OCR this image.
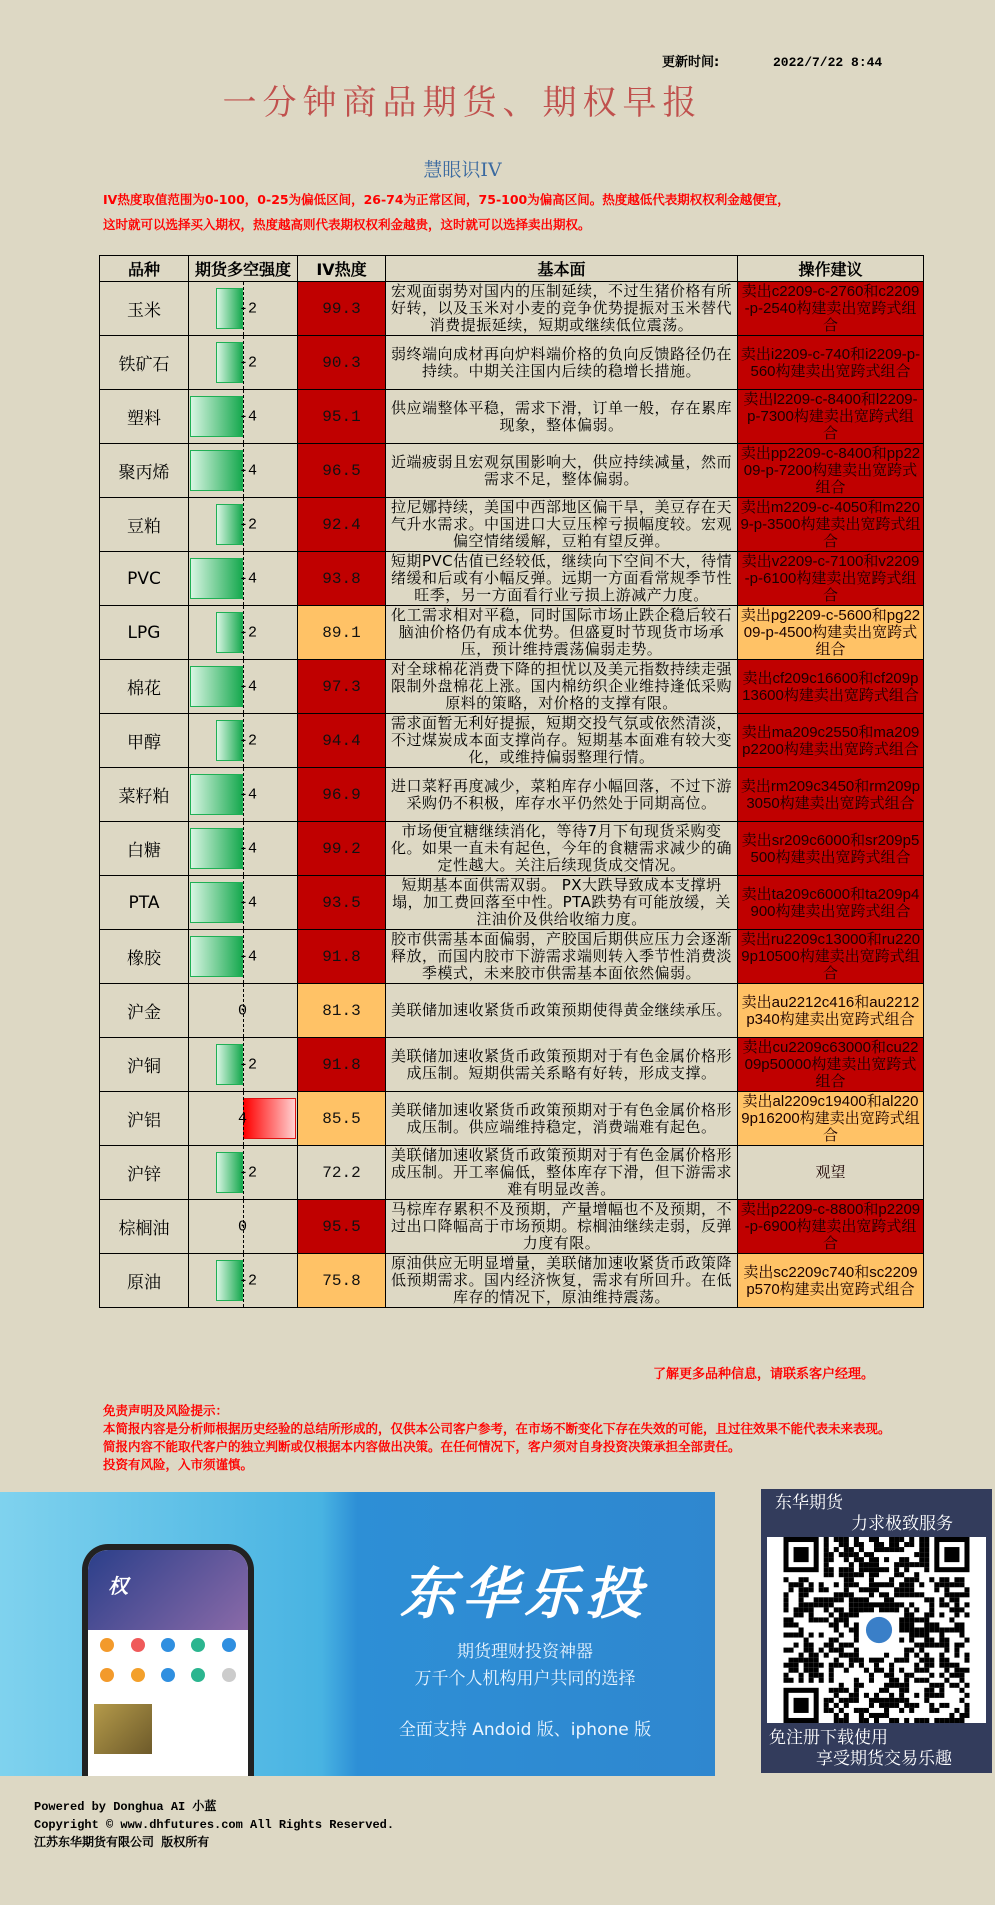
更新时间:	2022/7/22 8:44
一分钟商品期货、期权早报
慧眼识IV
IV热度取值范围为0-100，0-25为偏低区间，26-74为正常区间，75-100为偏高区间。热度越低代表期权权利金越便宜，
这时就可以选择买入期权，热度越高则代表期权权利金越贵，这时就可以选择卖出期权。
品种	期货多空强度	IV热度	基本面	操作建议
玉米	-2	99.3	宏观面弱势对国内的压制延续，不过生猪价格有所好转，以及玉米对小麦的竞争优势提振对玉米替代消费提振延续，短期或继续低位震荡。	卖出c2209-c-2760和c2209-p-2540构建卖出宽跨式组合
铁矿石	-2	90.3	弱终端向成材再向炉料端价格的负向反馈路径仍在持续。中期关注国内后续的稳增长措施。	卖出i2209-c-740和i2209-p-560构建卖出宽跨式组合
塑料	-4	95.1	供应端整体平稳，需求下滑，订单一般，存在累库现象，整体偏弱。	卖出l2209-c-8400和l2209-p-7300构建卖出宽跨式组合
聚丙烯	-4	96.5	近端疲弱且宏观氛围影响大，供应持续减量，然而需求不足，整体偏弱。	卖出pp2209-c-8400和pp2209-p-7200构建卖出宽跨式组合
豆粕	-2	92.4	拉尼娜持续，美国中西部地区偏干旱，美豆存在天气升水需求。中国进口大豆压榨亏损幅度较。宏观偏空情绪缓解，豆粕有望反弹。	卖出m2209-c-4050和m2209-p-3500构建卖出宽跨式组合
PVC	-4	93.8	短期PVC估值已经较低，继续向下空间不大，待情绪缓和后或有小幅反弹。远期一方面看常规季节性旺季，另一方面看行业亏损上游减产力度。	卖出v2209-c-7100和v2209-p-6100构建卖出宽跨式组合
LPG	-2	89.1	化工需求相对平稳，同时国际市场止跌企稳后较石脑油价格仍有成本优势。但盛夏时节现货市场承压，预计维持震荡偏弱走势。	卖出pg2209-c-5600和pg2209-p-4500构建卖出宽跨式组合
棉花	-4	97.3	对全球棉花消费下降的担忧以及美元指数持续走强限制外盘棉花上涨。国内棉纺织企业维持逢低采购原料的策略，对价格的支撑有限。	卖出cf209c16600和cf209p13600构建卖出宽跨式组合
甲醇	-2	94.4	需求面暂无利好提振，短期交投气氛或依然清淡，不过煤炭成本面支撑尚存。短期基本面难有较大变化，或维持偏弱整理行情。	卖出ma209c2550和ma209p2200构建卖出宽跨式组合
菜籽粕	-4	96.9	进口菜籽再度减少，菜粕库存小幅回落，不过下游采购仍不积极，库存水平仍然处于同期高位。	卖出rm209c3450和rm209p3050构建卖出宽跨式组合
白糖	-4	99.2	市场便宜糖继续消化，等待7月下旬现货采购变化。如果一直未有起色，今年的食糖需求减少的确定性越大。关注后续现货成交情况。	卖出sr209c6000和sr209p5500构建卖出宽跨式组合
PTA	-4	93.5	短期基本面供需双弱。 PX大跌导致成本支撑坍塌，加工费回落至中性。PTA跌势有可能放缓，关注油价及供给收缩力度。	卖出ta209c6000和ta209p4900构建卖出宽跨式组合
橡胶	-4	91.8	胶市供需基本面偏弱，产胶国后期供应压力会逐渐释放，而国内胶市下游需求端则转入季节性消费淡季模式，未来胶市供需基本面依然偏弱。	卖出ru2209c13000和ru2209p10500构建卖出宽跨式组合
沪金	0	81.3	美联储加速收紧货币政策预期使得黄金继续承压。	卖出au2212c416和au2212p340构建卖出宽跨式组合
沪铜	-2	91.8	美联储加速收紧货币政策预期对于有色金属价格形成压制。短期供需关系略有好转，形成支撑。	卖出cu2209c63000和cu2209p50000构建卖出宽跨式组合
沪铝	4	85.5	美联储加速收紧货币政策预期对于有色金属价格形成压制。供应端维持稳定，消费端难有起色。	卖出al2209c19400和al2209p16200构建卖出宽跨式组合
沪锌	-2	72.2	美联储加速收紧货币政策预期对于有色金属价格形成压制。开工率偏低，整体库存下滑，但下游需求难有明显改善。	观望
棕榈油	0	95.5	马棕库存累积不及预期，产量增幅也不及预期，不过出口降幅高于市场预期。棕榈油继续走弱，反弹力度有限。	卖出p2209-c-8800和p2209-p-6900构建卖出宽跨式组合
原油	-2	75.8	原油供应无明显增量，美联储加速收紧货币政策降低预期需求。国内经济恢复，需求有所回升。在低库存的情况下，原油维持震荡。	卖出sc2209c740和sc2209p570构建卖出宽跨式组合
了解更多品种信息，请联系客户经理。
免责声明及风险提示：
本简报内容是分析师根据历史经验的总结所形成的，仅供本公司客户参考，在市场不断变化下存在失效的可能，且过往效果不能代表未来表现。
简报内容不能取代客户的独立判断或仅根据本内容做出决策。在任何情况下，客户须对自身投资决策承担全部责任。
投资有风险，入市须谨慎。
权	东华乐投
期货理财投资神器
万千个人机构用户共同的选择
全面支持 Andoid 版、iphone 版
东华期货
力求极致服务
免注册下载使用
享受期货交易乐趣
Powered by Donghua AI 小蓝
Copyright © www.dhfutures.com All Rights Reserved.
江苏东华期货有限公司 版权所有
